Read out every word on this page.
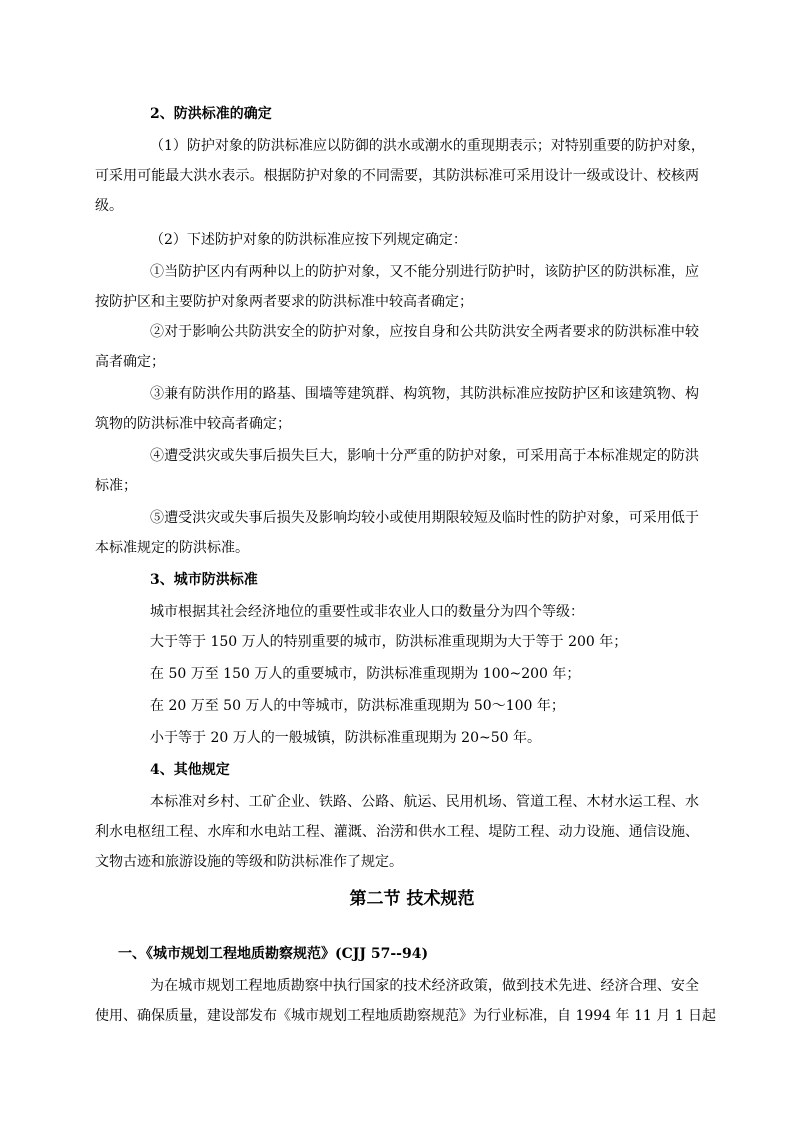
2、防洪标准的确定
（1）防护对象的防洪标准应以防御的洪水或潮水的重现期表示；对特别重要的防护对象，
可采用可能最大洪水表示。根据防护对象的不同需要，其防洪标准可采用设计一级或设计、校核两
级。
（2）下述防护对象的防洪标准应按下列规定确定：
①当防护区内有两种以上的防护对象，又不能分别进行防护时，该防护区的防洪标准，应
按防护区和主要防护对象两者要求的防洪标准中较高者确定；
②对于影响公共防洪安全的防护对象，应按自身和公共防洪安全两者要求的防洪标准中较
高者确定；
③兼有防洪作用的路基、围墙等建筑群、构筑物，其防洪标准应按防护区和该建筑物、构
筑物的防洪标准中较高者确定；
④遭受洪灾或失事后损失巨大，影响十分严重的防护对象，可采用高于本标准规定的防洪
标准；
⑤遭受洪灾或失事后损失及影响均较小或使用期限较短及临时性的防护对象，可采用低于
本标准规定的防洪标准。
3、城市防洪标准
城市根据其社会经济地位的重要性或非农业人口的数量分为四个等级：
大于等于 150 万人的特别重要的城市，防洪标准重现期为大于等于 200 年；
在 50 万至 150 万人的重要城市，防洪标准重现期为 100~200 年；
在 20 万至 50 万人的中等城市，防洪标准重现期为 50～100 年；
小于等于 20 万人的一般城镇，防洪标准重现期为 20~50 年。
4、其他规定
本标准对乡村、工矿企业、铁路、公路、航运、民用机场、管道工程、木材水运工程、水
利水电枢纽工程、水库和水电站工程、灌溉、治涝和供水工程、堤防工程、动力设施、通信设施、
文物古迹和旅游设施的等级和防洪标准作了规定。
第二节 技术规范
一、《城市规划工程地质勘察规范》(CJJ 57--94)
为在城市规划工程地质勘察中执行国家的技术经济政策，做到技术先进、经济合理、安全
使用、确保质量，建设部发布《城市规划工程地质勘察规范》为行业标准，自 1994 年 11 月 1 日起
